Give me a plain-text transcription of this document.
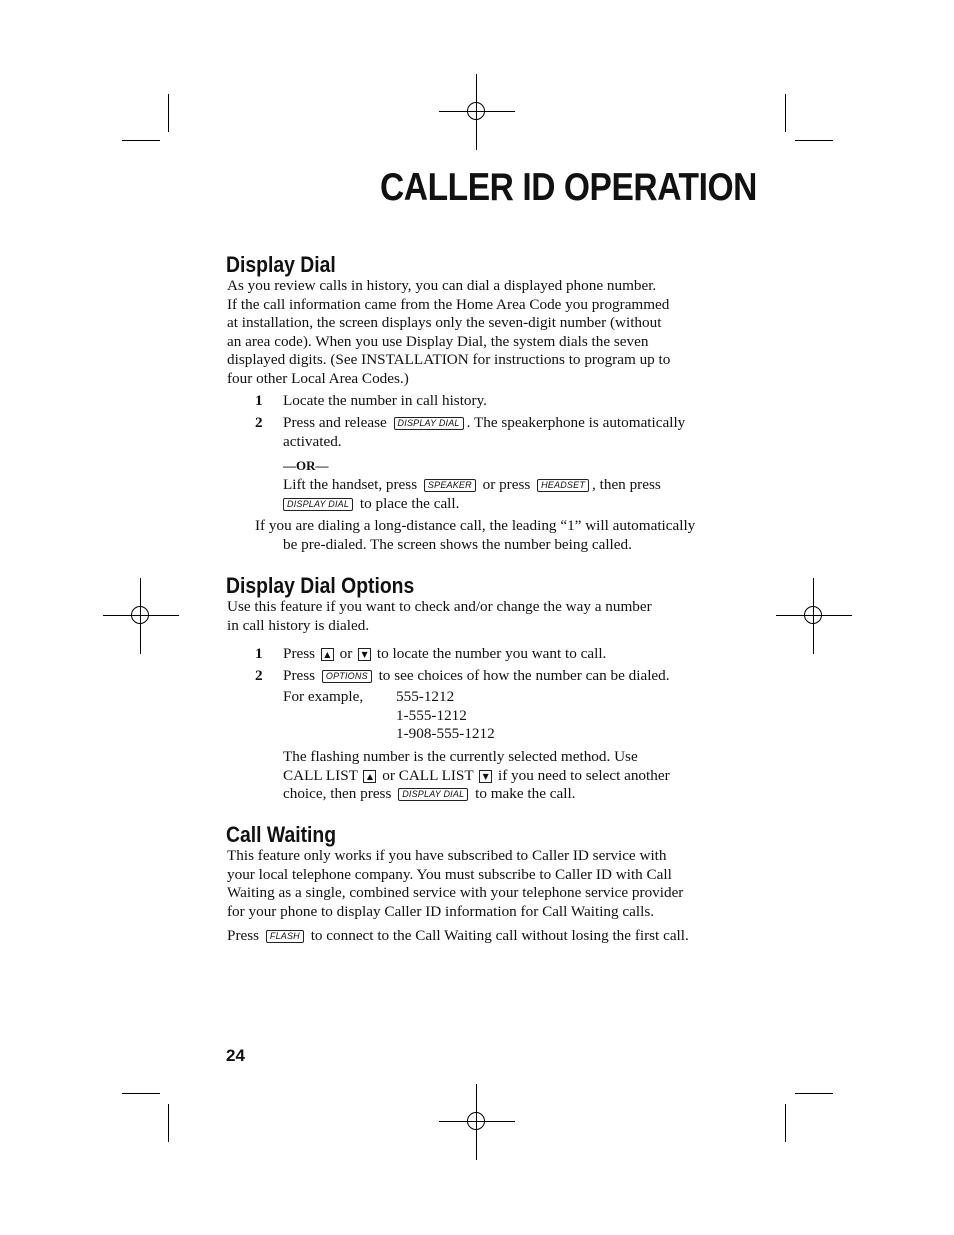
CALLER ID OPERATION
Display Dial
As you review calls in history, you can dial a displayed phone number.
If the call information came from the Home Area Code you programmed
at installation, the screen displays only the seven-digit number (without
an area code). When you use Display Dial, the system dials the seven
displayed digits. (See INSTALLATION for instructions to program up to
four other Local Area Codes.)
1 Locate the number in call history.
2 Press and release DISPLAY DIAL . The speakerphone is automatically
activated.
—OR—
Lift the handset, press SPEAKER or press HEADSET , then press
DISPLAY DIAL to place the call.
If you are dialing a long-distance call, the leading “1” will automatically
be pre-dialed. The screen shows the number being called.
Display Dial Options
Use this feature if you want to check and/or change the way a number
in call history is dialed.
1 Press ▲ or ▼ to locate the number you want to call.
2 Press OPTIONS to see choices of how the number can be dialed.
For example, 555-1212
1-555-1212
1-908-555-1212
The flashing number is the currently selected method. Use
CALL LIST ▲ or CALL LIST ▼ if you need to select another
choice, then press DISPLAY DIAL to make the call.
Call Waiting
This feature only works if you have subscribed to Caller ID service with
your local telephone company. You must subscribe to Caller ID with Call
Waiting as a single, combined service with your telephone service provider
for your phone to display Caller ID information for Call Waiting calls.
Press FLASH to connect to the Call Waiting call without losing the first call.
24
